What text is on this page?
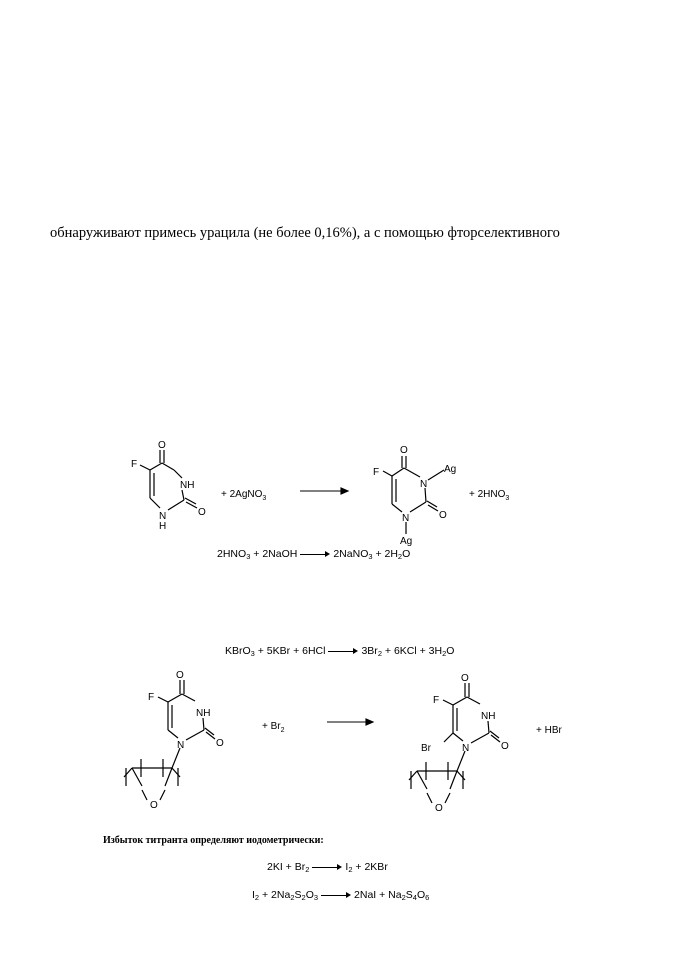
обнаруживают примесь урацила (не более 0,16%), а с помощью фторселективного
O
F
NH
O
N
H
+ 2AgNO$_3$
O
F
N
Ag
O
N
Ag
+ $2HNO_3$
$2HNO_3$ + 2NaOH	2NaNO$_3$ + $2H_2O$
KBrO$_3$ + 5KBr + 6HCl	$3Br_2 + 6KCl + 3H_2O$
O
F
NH
O
N
O
+ $Br_2$
O
F
NH
O
N
Br
O
+ HBr
Избыток титранта определяют иодометрически:
$2KI + Br_2$	$I_2 + 2KBr$
$I_2 + 2Na_2S_2O_3$	$2NaI + Na_2S_4O_6$
